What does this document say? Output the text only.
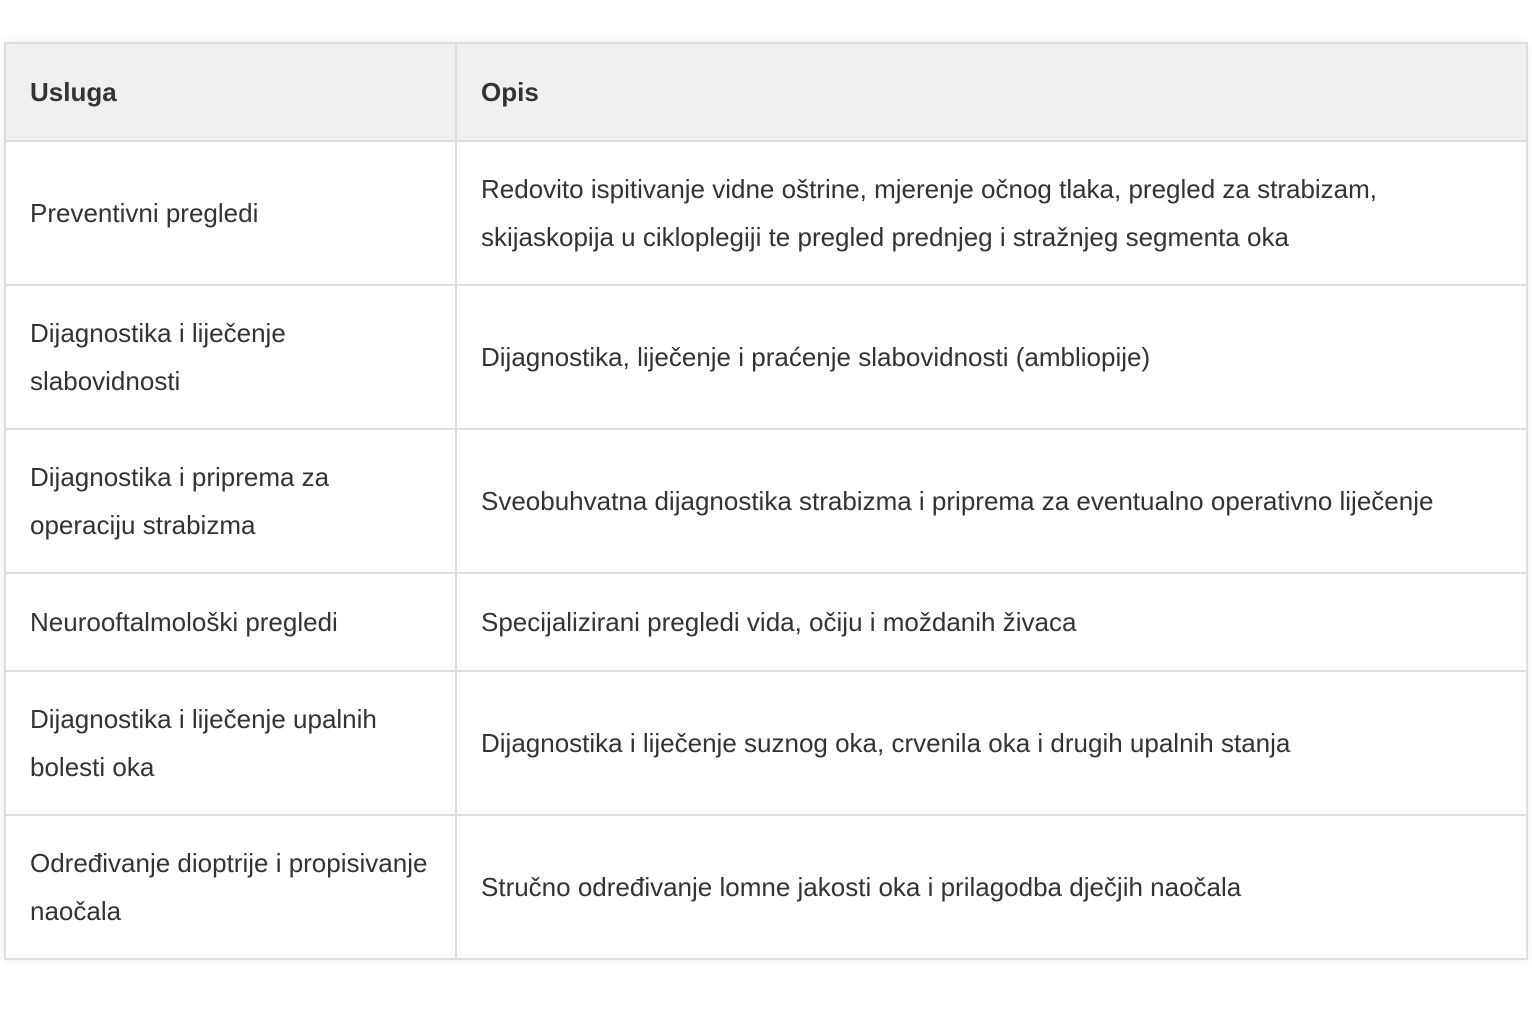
Usluga	Opis
Preventivni pregledi	Redovito ispitivanje vidne oštrine, mjerenje očnog tlaka, pregled za strabizam, skijaskopija u cikloplegiji te pregled prednjeg i stražnjeg segmenta oka
Dijagnostika i liječenje slabovidnosti	Dijagnostika, liječenje i praćenje slabovidnosti (ambliopije)
Dijagnostika i priprema za operaciju strabizma	Sveobuhvatna dijagnostika strabizma i priprema za eventualno operativno liječenje
Neurooftalmološki pregledi	Specijalizirani pregledi vida, očiju i moždanih živaca
Dijagnostika i liječenje upalnih bolesti oka	Dijagnostika i liječenje suznog oka, crvenila oka i drugih upalnih stanja
Određivanje dioptrije i propisivanje naočala	Stručno određivanje lomne jakosti oka i prilagodba dječjih naočala
